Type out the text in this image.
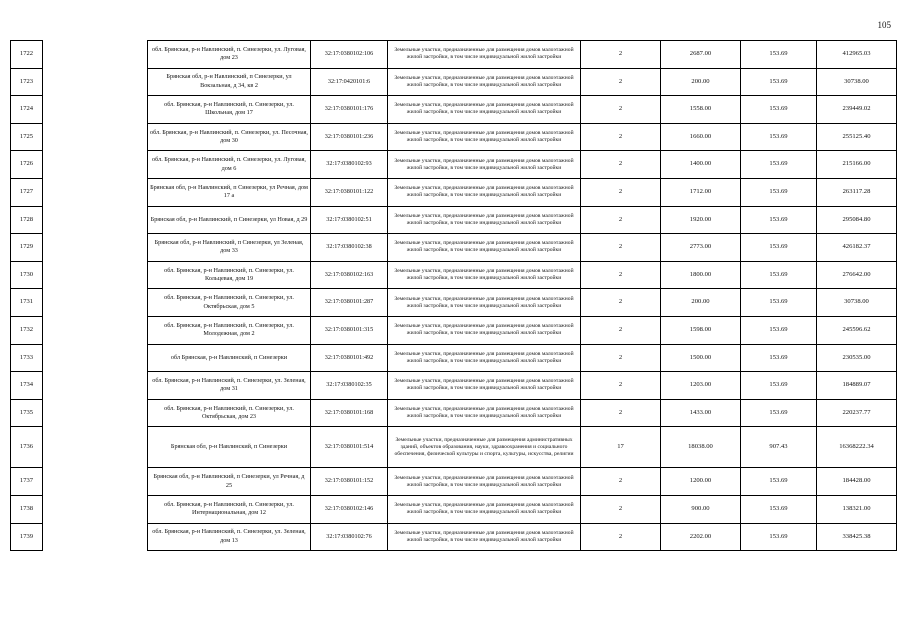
105
1722		обл. Брянская, р-н Навлинский, п. Синезерки, ул. Луговая, дом 23	32:17:0380102:106	Земельные участки, предназначенные для размещения домов малоэтажной жилой застройки, в том числе индивидуальной жилой застройки	2	2687.00	153.69	412965.03
1723		Брянская обл, р-н Навлинский, п Синезерки, ул Вокзальная, д 34, кв 2	32:17:0420101:6	Земельные участки, предназначенные для размещения домов малоэтажной жилой застройки, в том числе индивидуальной жилой застройки	2	200.00	153.69	30738.00
1724		обл. Брянская, р-н Навлинский, п. Синезерки, ул. Школьная, дом 17	32:17:0380101:176	Земельные участки, предназначенные для размещения домов малоэтажной жилой застройки, в том числе индивидуальной жилой застройки	2	1558.00	153.69	239449.02
1725		обл. Брянская, р-н Навлинский, п. Синезерки, ул. Песочная, дом 30	32:17:0380101:236	Земельные участки, предназначенные для размещения домов малоэтажной жилой застройки, в том числе индивидуальной жилой застройки	2	1660.00	153.69	255125.40
1726		обл. Брянская, р-н Навлинский, п. Синезерки, ул. Луговая, дом 6	32:17:0380102:93	Земельные участки, предназначенные для размещения домов малоэтажной жилой застройки, в том числе индивидуальной жилой застройки	2	1400.00	153.69	215166.00
1727		Брянская обл, р-н Навлинский, п Синезерки, ул Речная, дом 17 а	32:17:0380101:122	Земельные участки, предназначенные для размещения домов малоэтажной жилой застройки, в том числе индивидуальной жилой застройки	2	1712.00	153.69	263117.28
1728		Брянская обл, р-н Навлинский, п Синезерки, ул Новая, д 29	32:17:0380102:51	Земельные участки, предназначенные для размещения домов малоэтажной жилой застройки, в том числе индивидуальной жилой застройки	2	1920.00	153.69	295084.80
1729		Брянская обл, р-н Навлинский, п Синезерки, ул Зеленая, дом 33	32:17:0380102:38	Земельные участки, предназначенные для размещения домов малоэтажной жилой застройки, в том числе индивидуальной жилой застройки	2	2773.00	153.69	426182.37
1730		обл. Брянская, р-н Навлинский, п. Синезерки, ул. Кольцевая, дом 19	32:17:0380102:163	Земельные участки, предназначенные для размещения домов малоэтажной жилой застройки, в том числе индивидуальной жилой застройки	2	1800.00	153.69	276642.00
1731		обл. Брянская, р-н Навлинский, п. Синезерки, ул. Октябрьская, дом 5	32:17:0380101:287	Земельные участки, предназначенные для размещения домов малоэтажной жилой застройки, в том числе индивидуальной жилой застройки	2	200.00	153.69	30738.00
1732		обл. Брянская, р-н Навлинский, п. Синезерки, ул. Молодежная, дом 2	32:17:0380101:315	Земельные участки, предназначенные для размещения домов малоэтажной жилой застройки, в том числе индивидуальной жилой застройки	2	1598.00	153.69	245596.62
1733		обл Брянская, р-н Навлинский, п Синезерки	32:17:0380101:492	Земельные участки, предназначенные для размещения домов малоэтажной жилой застройки, в том числе индивидуальной жилой застройки	2	1500.00	153.69	230535.00
1734		обл. Брянская, р-н Навлинский, п. Синезерки, ул. Зеленая, дом 31	32:17:0380102:35	Земельные участки, предназначенные для размещения домов малоэтажной жилой застройки, в том числе индивидуальной жилой застройки	2	1203.00	153.69	184889.07
1735		обл. Брянская, р-н Навлинский, п. Синезерки, ул. Октябрьская, дом 23	32:17:0380101:168	Земельные участки, предназначенные для размещения домов малоэтажной жилой застройки, в том числе индивидуальной жилой застройки	2	1433.00	153.69	220237.77
1736		Брянская обл, р-н Навлинский, п Синезерки	32:17:0380101:514	Земельные участки, предназначенные для размещения административных зданий, объектов образования, науки, здравоохранения и социального обеспечения, физической культуры и спорта, культуры, искусства, религии	17	18038.00	907.43	16368222.34
1737		Брянская обл, р-н Навлинский, п Синезерки, ул Речная, д 25	32:17:0380101:152	Земельные участки, предназначенные для размещения домов малоэтажной жилой застройки, в том числе индивидуальной жилой застройки	2	1200.00	153.69	184428.00
1738		обл. Брянская, р-н Навлинский, п. Синезерки, ул. Интернациональная, дом 12	32:17:0380102:146	Земельные участки, предназначенные для размещения домов малоэтажной жилой застройки, в том числе индивидуальной жилой застройки	2	900.00	153.69	138321.00
1739		обл. Брянская, р-н Навлинский, п. Синезерки, ул. Зеленая, дом 13	32:17:0380102:76	Земельные участки, предназначенные для размещения домов малоэтажной жилой застройки, в том числе индивидуальной жилой застройки	2	2202.00	153.69	338425.38
